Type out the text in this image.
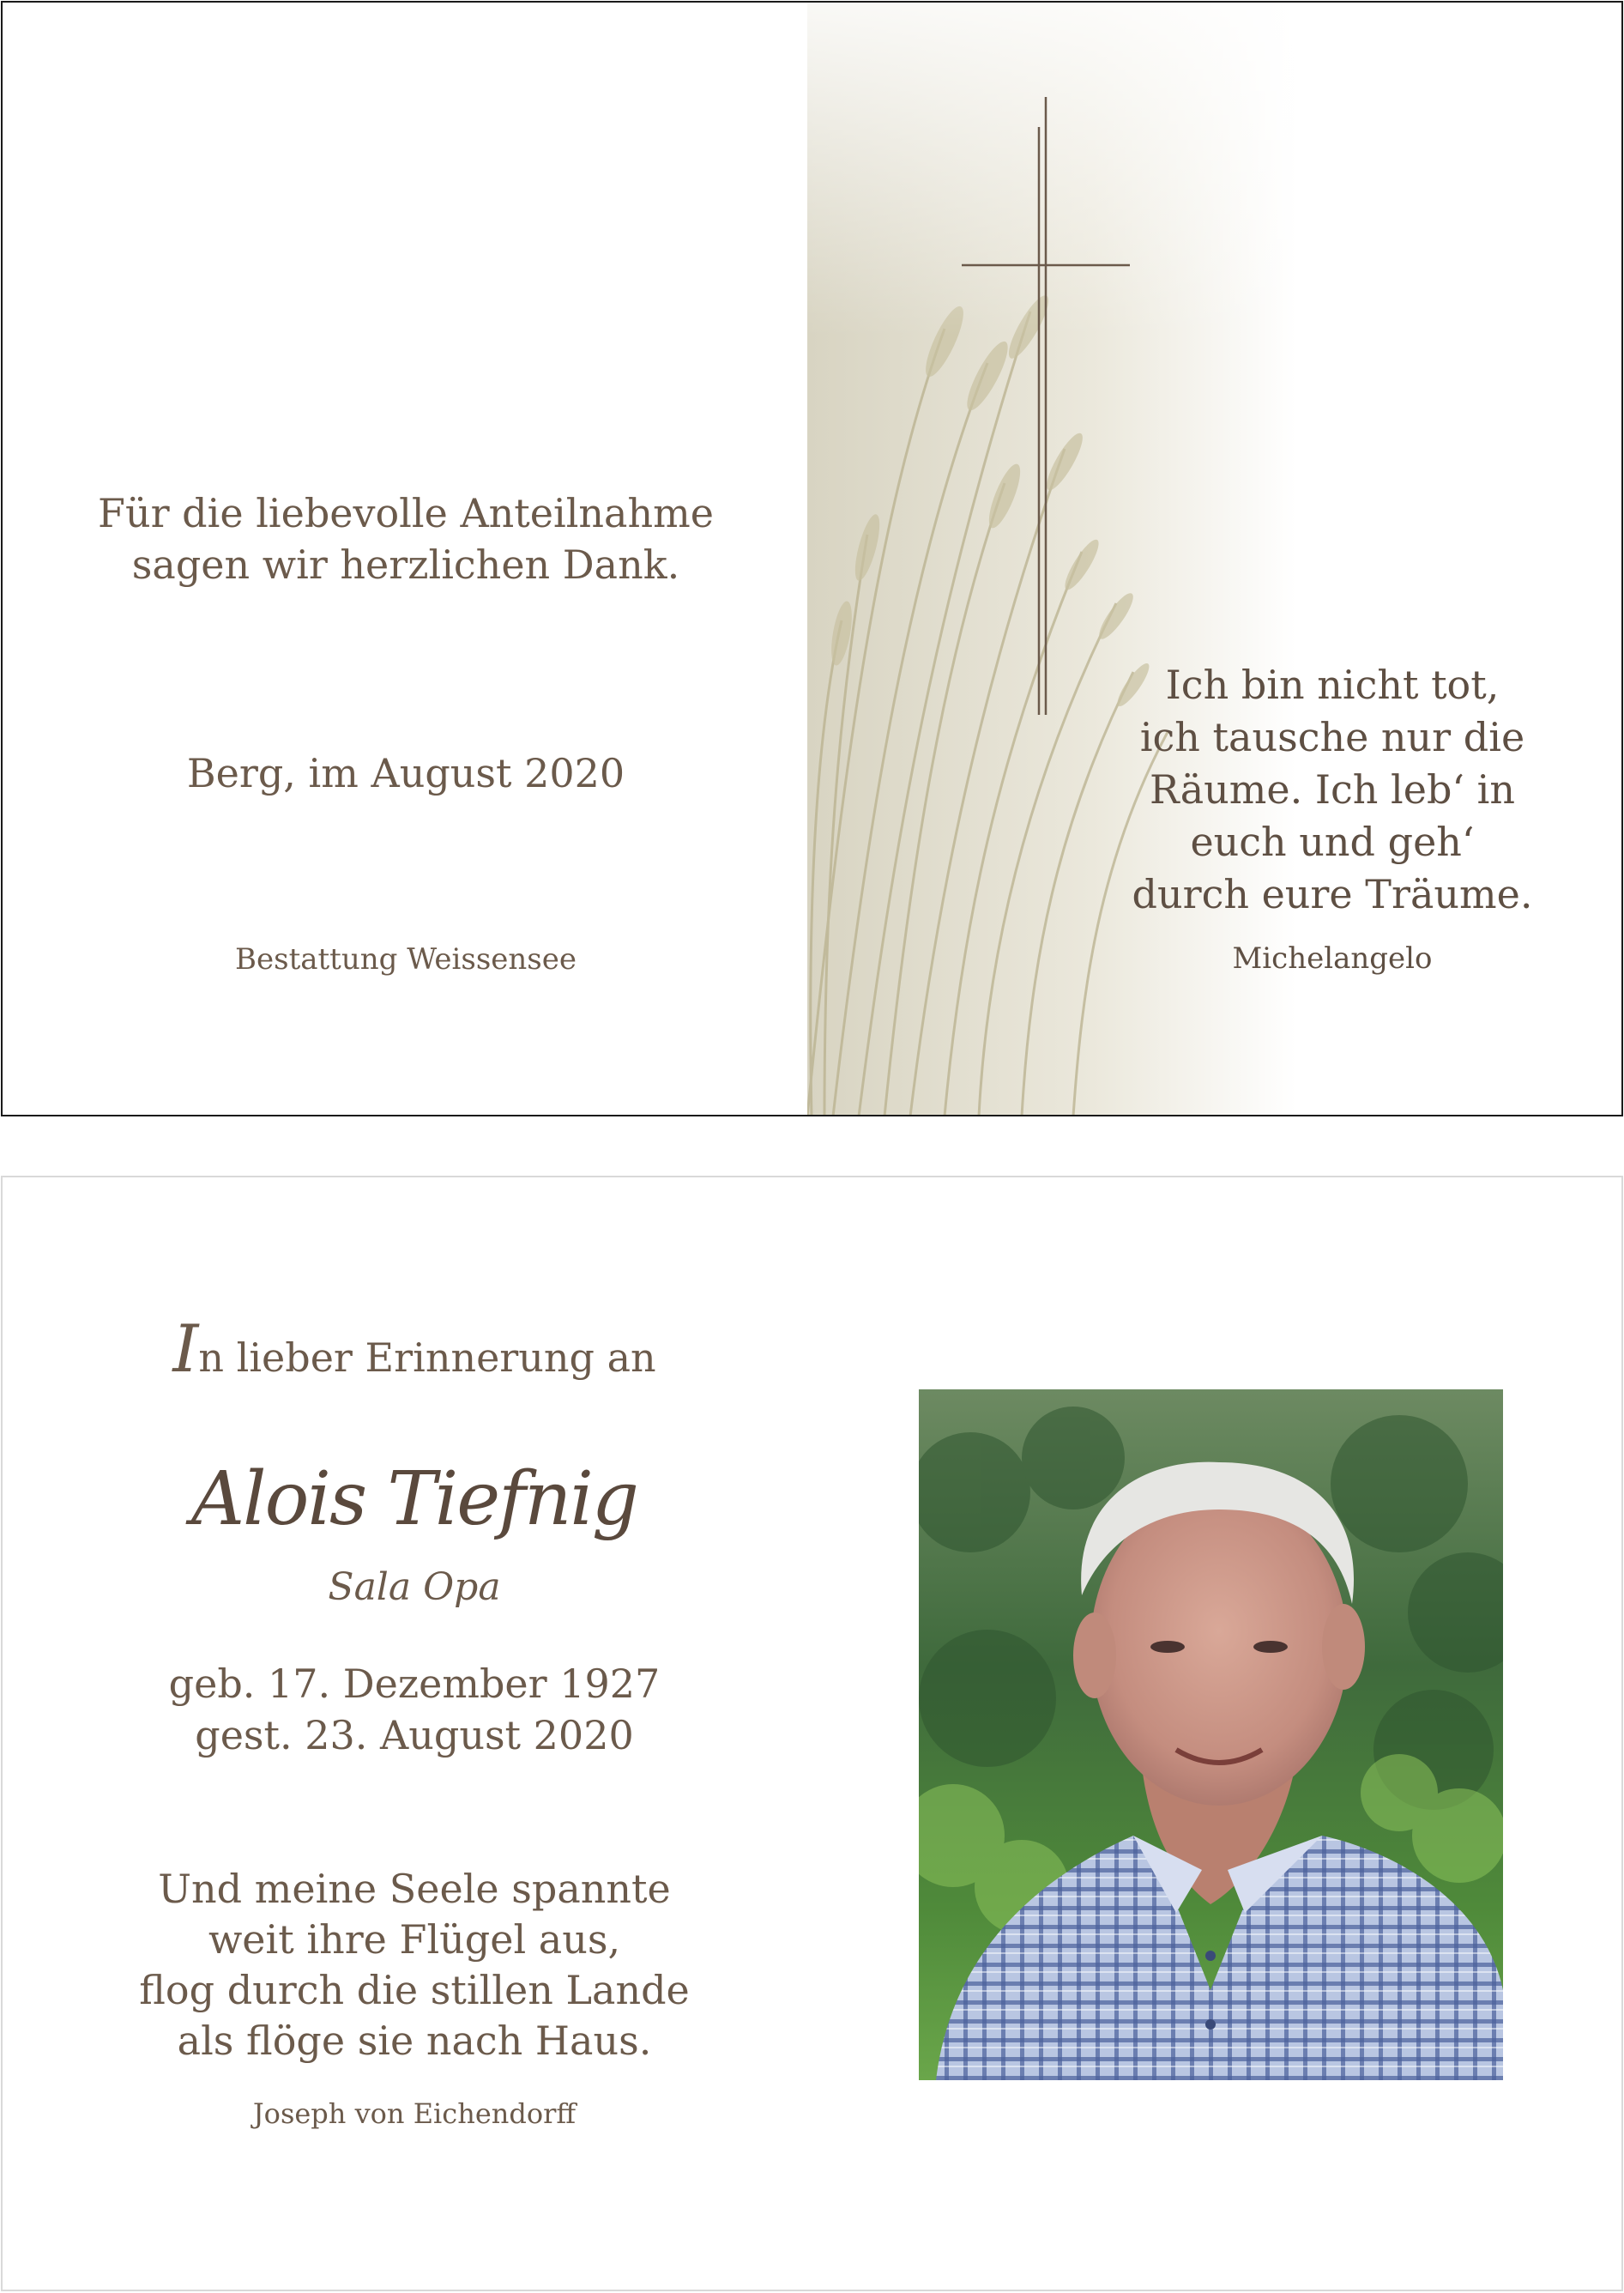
Für die liebevolle Anteilnahme
sagen wir herzlichen Dank.
Berg, im August 2020
Bestattung Weissensee
Ich bin nicht tot,
ich tausche nur die
Räume. Ich leb‘ in
euch und geh‘
durch eure Träume.
Michelangelo
In lieber Erinnerung an
Alois Tiefnig
Sala Opa
geb. 17. Dezember 1927
gest. 23. August 2020
Und meine Seele spannte
weit ihre Flügel aus,
flog durch die stillen Lande
als flöge sie nach Haus.
Joseph von Eichendorff
